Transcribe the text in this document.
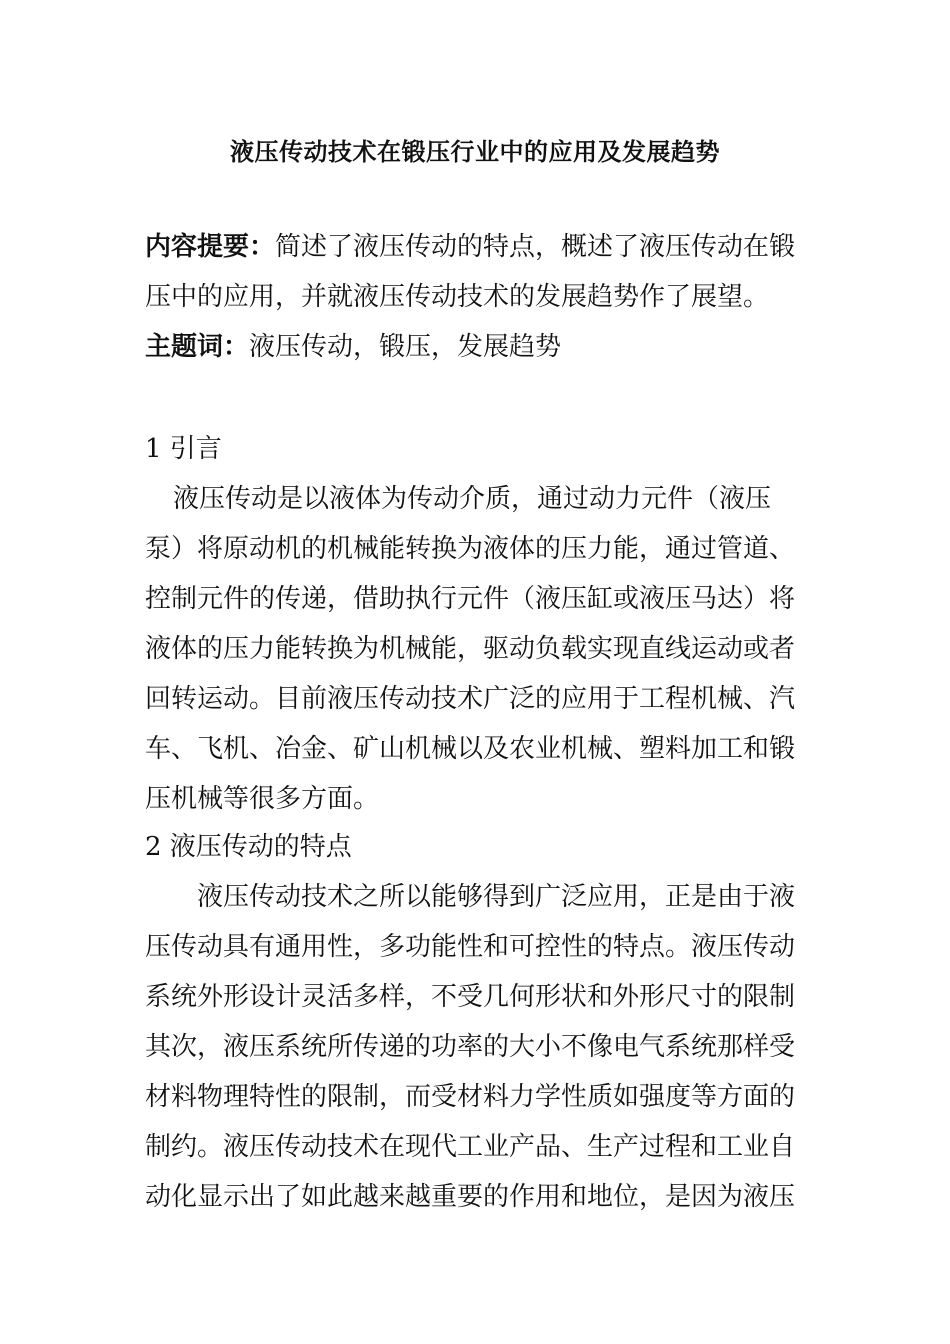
液压传动技术在锻压行业中的应用及发展趋势
内容提要：简述了液压传动的特点，概述了液压传动在锻
压中的应用，并就液压传动技术的发展趋势作了展望。
主题词：液压传动，锻压，发展趋势
1 引言
液压传动是以液体为传动介质，通过动力元件（液压
泵）将原动机的机械能转换为液体的压力能，通过管道、
控制元件的传递，借助执行元件（液压缸或液压马达）将
液体的压力能转换为机械能，驱动负载实现直线运动或者
回转运动。目前液压传动技术广泛的应用于工程机械、汽
车、飞机、冶金、矿山机械以及农业机械、塑料加工和锻
压机械等很多方面。
2 液压传动的特点
液压传动技术之所以能够得到广泛应用，正是由于液
压传动具有通用性，多功能性和可控性的特点。液压传动
系统外形设计灵活多样，不受几何形状和外形尺寸的限制
其次，液压系统所传递的功率的大小不像电气系统那样受
材料物理特性的限制，而受材料力学性质如强度等方面的
制约。液压传动技术在现代工业产品、生产过程和工业自
动化显示出了如此越来越重要的作用和地位，是因为液压
